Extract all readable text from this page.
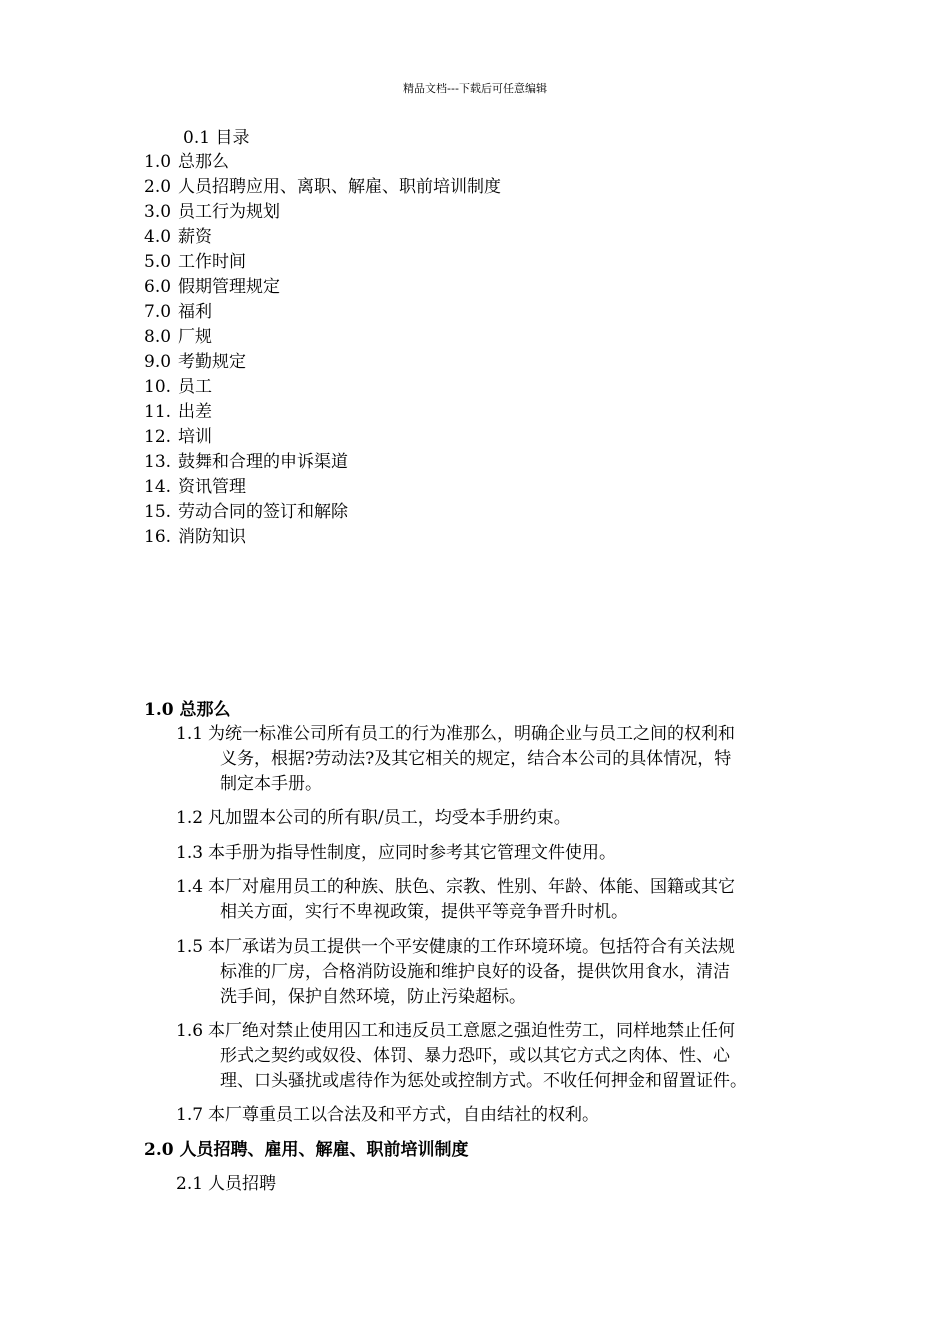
精品文档---下载后可任意编辑
0.1 目录
1.0 总那么
2.0 人员招聘应用、离职、解雇、职前培训制度
3.0 员工行为规划
4.0 薪资
5.0 工作时间
6.0 假期管理规定
7.0 福利
8.0 厂规
9.0 考勤规定
10. 员工
11. 出差
12. 培训
13. 鼓舞和合理的申诉渠道
14. 资讯管理
15. 劳动合同的签订和解除
16. 消防知识
1.0 总那么
1.1 为统一标准公司所有员工的行为准那么，明确企业与员工之间的权利和
义务，根据?劳动法?及其它相关的规定，结合本公司的具体情况，特
制定本手册。
1.2 凡加盟本公司的所有职/员工，均受本手册约束。
1.3 本手册为指导性制度，应同时参考其它管理文件使用。
1.4 本厂对雇用员工的种族、肤色、宗教、性别、年龄、体能、国籍或其它
相关方面，实行不卑视政策，提供平等竞争晋升时机。
1.5 本厂承诺为员工提供一个平安健康的工作环境环境。包括符合有关法规
标准的厂房，合格消防设施和维护良好的设备，提供饮用食水，清洁
洗手间，保护自然环境，防止污染超标。
1.6 本厂绝对禁止使用囚工和违反员工意愿之强迫性劳工，同样地禁止任何
形式之契约或奴役、体罚、暴力恐吓，或以其它方式之肉体、性、心
理、口头骚扰或虐待作为惩处或控制方式。不收任何押金和留置证件。
1.7 本厂尊重员工以合法及和平方式，自由结社的权利。
2.0 人员招聘、雇用、解雇、职前培训制度
2.1 人员招聘
